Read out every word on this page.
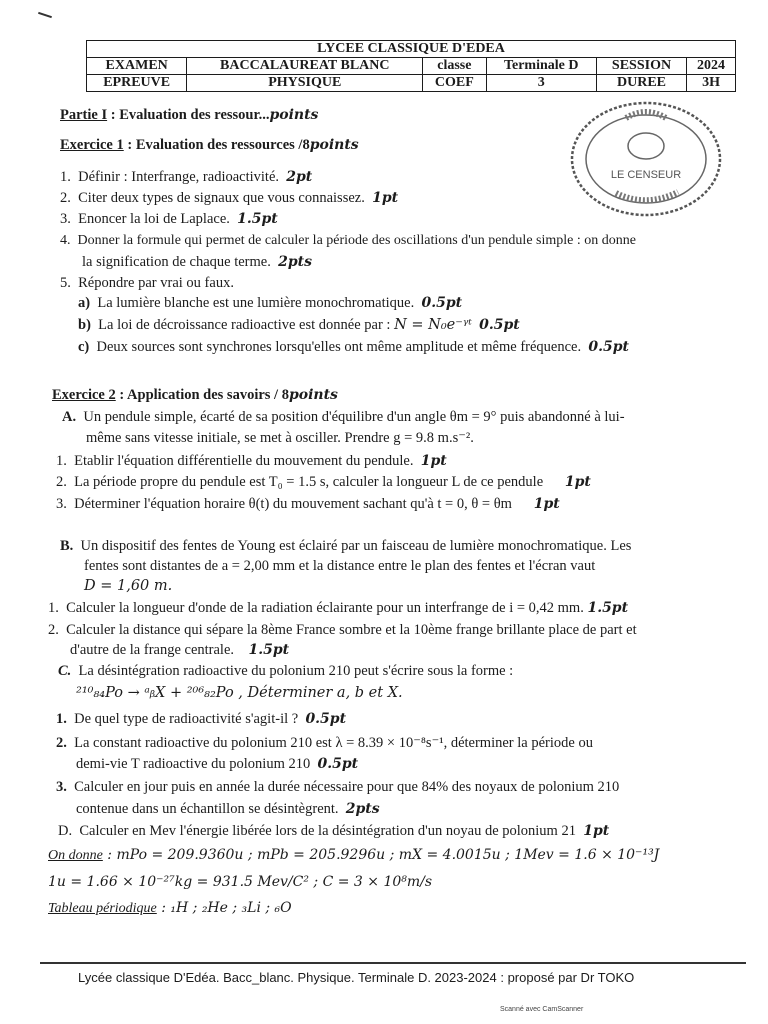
LYCEE CLASSIQUE D'EDEA					
EXAMEN	BACCALAUREAT BLANC	classe	Terminale D	SESSION	2024
EPREUVE	PHYSIQUE	COEF	3	DUREE	3H
LE CENSEUR
Partie I : Evaluation des ressour...points
Exercice 1 : Evaluation des ressources /8points
1. Définir : Interfrange, radioactivité. 2pt
2. Citer deux types de signaux que vous connaissez. 1pt
3. Enoncer la loi de Laplace. 1.5pt
4. Donner la formule qui permet de calculer la période des oscillations d'un pendule simple : on donne
la signification de chaque terme. 2pts
5. Répondre par vrai ou faux.
a) La lumière blanche est une lumière monochromatique. 0.5pt
b) La loi de décroissance radioactive est donnée par : N = N₀e⁻ᵞᵗ 0.5pt
c) Deux sources sont synchrones lorsqu'elles ont même amplitude et même fréquence. 0.5pt
Exercice 2 : Application des savoirs / 8points
A. Un pendule simple, écarté de sa position d'équilibre d'un angle θm = 9° puis abandonné à lui-
même sans vitesse initiale, se met à osciller. Prendre g = 9.8 m.s⁻².
1. Etablir l'équation différentielle du mouvement du pendule. 1pt
2. La période propre du pendule est T₀ = 1.5 s, calculer la longueur L de ce pendule 1pt
3. Déterminer l'équation horaire θ(t) du mouvement sachant qu'à t = 0, θ = θm 1pt
B. Un dispositif des fentes de Young est éclairé par un faisceau de lumière monochromatique. Les
fentes sont distantes de a = 2,00 mm et la distance entre le plan des fentes et l'écran vaut
D = 1,60 m.
1. Calculer la longueur d'onde de la radiation éclairante pour un interfrange de i = 0,42 mm. 1.5pt
2. Calculer la distance qui sépare la 8ème France sombre et la 10ème frange brillante place de part et
d'autre de la frange centrale. 1.5pt
C. La désintégration radioactive du polonium 210 peut s'écrire sous la forme :
²¹⁰₈₄Po → ᵃᵦX + ²⁰⁶₈₂Po , Déterminer a, b et X.
1. De quel type de radioactivité s'agit-il ? 0.5pt
2. La constant radioactive du polonium 210 est λ = 8.39 × 10⁻⁸s⁻¹, déterminer la période ou
demi-vie T radioactive du polonium 210 0.5pt
3. Calculer en jour puis en année la durée nécessaire pour que 84% des noyaux de polonium 210
contenue dans un échantillon se désintègrent. 2pts
D. Calculer en Mev l'énergie libérée lors de la désintégration d'un noyau de polonium 21 1pt
On donne : mPo = 209.9360u ; mPb = 205.9296u ; mX = 4.0015u ; 1Mev = 1.6 × 10⁻¹³J
1u = 1.66 × 10⁻²⁷kg = 931.5 Mev/C² ; C = 3 × 10⁸m/s
Tableau périodique : ₁H ; ₂He ; ₃Li ; ₆O
Lycée classique D'Edéa. Bacc_blanc. Physique. Terminale D. 2023-2024 : proposé par Dr TOKO
Scanné avec CamScanner
